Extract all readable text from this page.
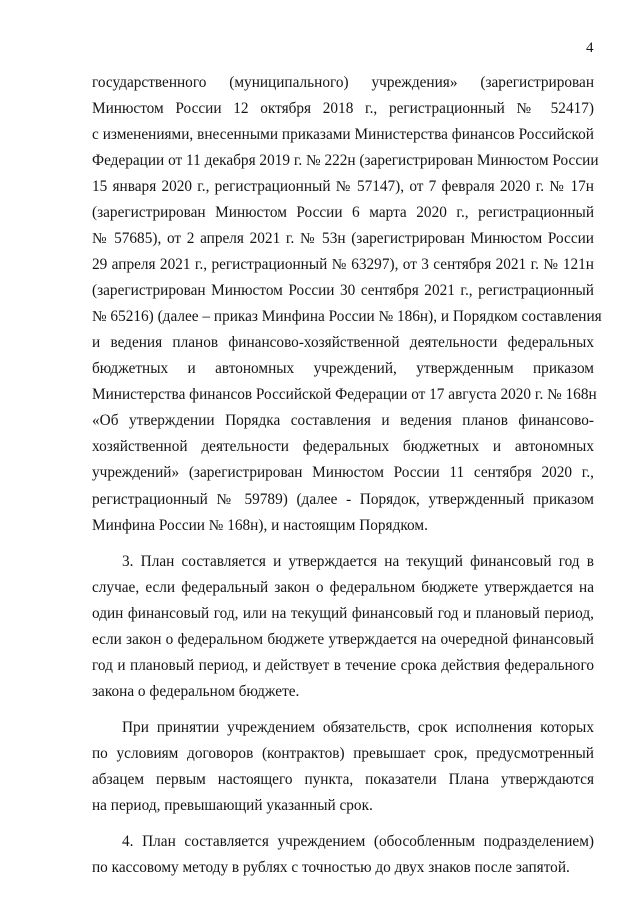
4
государственного (муниципального) учреждения» (зарегистрирован
Минюстом России 12 октября 2018 г., регистрационный № 52417)
с изменениями, внесенными приказами Министерства финансов Российской
Федерации от 11 декабря 2019 г. № 222н (зарегистрирован Минюстом России
15 января 2020 г., регистрационный № 57147), от 7 февраля 2020 г. № 17н
(зарегистрирован Минюстом России 6 марта 2020 г., регистрационный
№ 57685), от 2 апреля 2021 г. № 53н (зарегистрирован Минюстом России
29 апреля 2021 г., регистрационный № 63297), от 3 сентября 2021 г. № 121н
(зарегистрирован Минюстом России 30 сентября 2021 г., регистрационный
№ 65216) (далее – приказ Минфина России № 186н), и Порядком составления
и ведения планов финансово-хозяйственной деятельности федеральных
бюджетных и автономных учреждений, утвержденным приказом
Министерства финансов Российской Федерации от 17 августа 2020 г. № 168н
«Об утверждении Порядка составления и ведения планов финансово-
хозяйственной деятельности федеральных бюджетных и автономных
учреждений» (зарегистрирован Минюстом России 11 сентября 2020 г.,
регистрационный № 59789) (далее - Порядок, утвержденный приказом
Минфина России № 168н), и настоящим Порядком.
3. План составляется и утверждается на текущий финансовый год в
случае, если федеральный закон о федеральном бюджете утверждается на
один финансовый год, или на текущий финансовый год и плановый период,
если закон о федеральном бюджете утверждается на очередной финансовый
год и плановый период, и действует в течение срока действия федерального
закона о федеральном бюджете.
При принятии учреждением обязательств, срок исполнения которых
по условиям договоров (контрактов) превышает срок, предусмотренный
абзацем первым настоящего пункта, показатели Плана утверждаются
на период, превышающий указанный срок.
4. План составляется учреждением (обособленным подразделением)
по кассовому методу в рублях с точностью до двух знаков после запятой.
